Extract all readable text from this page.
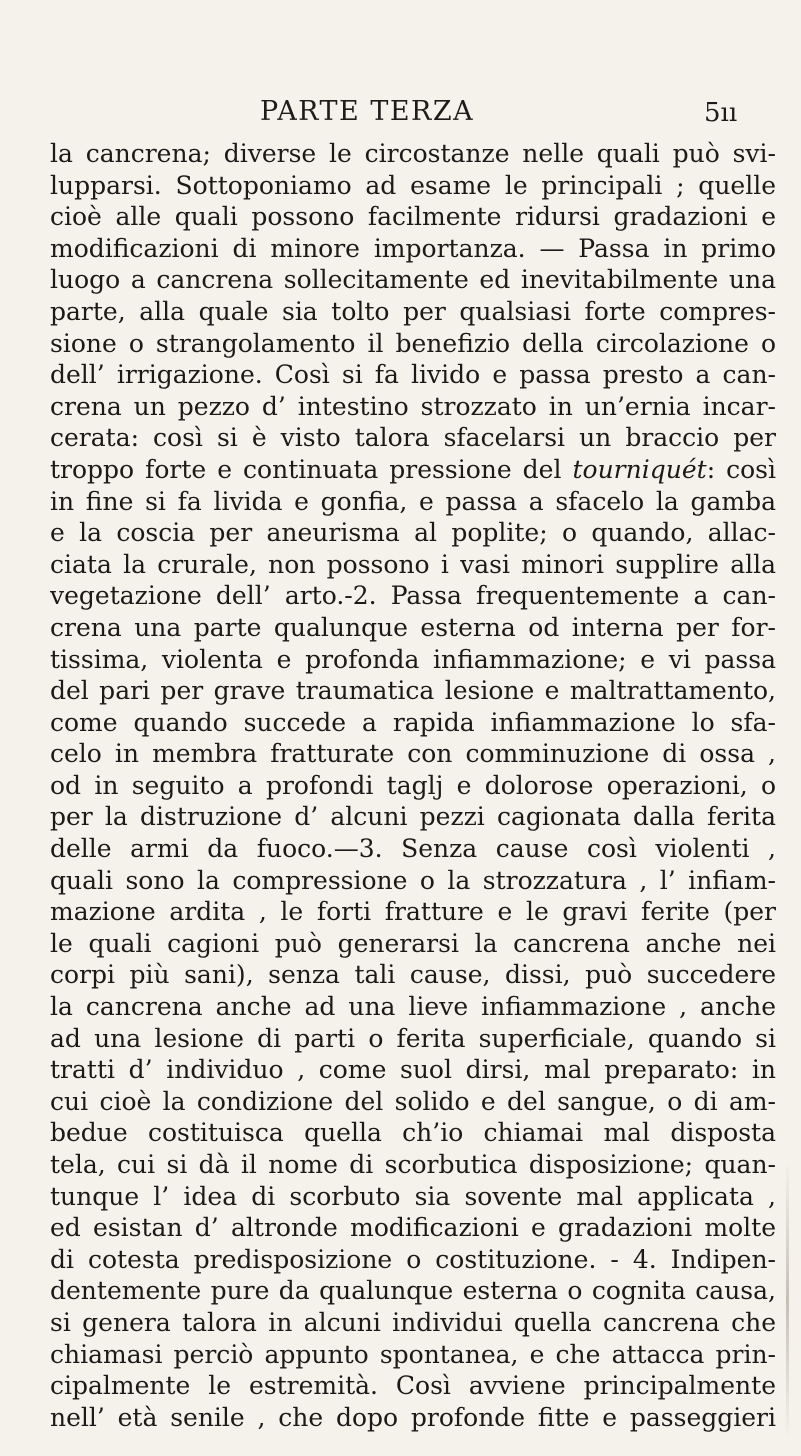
PARTE TERZA	5ıı
la cancrena; diverse le circostanze nelle quali può svi-
lupparsi. Sottoponiamo ad esame le principali ; quelle
cioè alle quali possono facilmente ridursi gradazioni e
modificazioni di minore importanza. — Passa in primo
luogo a cancrena sollecitamente ed inevitabilmente una
parte, alla quale sia tolto per qualsiasi forte compres-
sione o strangolamento il benefizio della circolazione o
dell’ irrigazione. Così si fa livido e passa presto a can-
crena un pezzo d’ intestino strozzato in un’ernia incar-
cerata: così si è visto talora sfacelarsi un braccio per
troppo forte e continuata pressione del tourniquét: così
in fine si fa livida e gonfia, e passa a sfacelo la gamba
e la coscia per aneurisma al poplite; o quando, allac-
ciata la crurale, non possono i vasi minori supplire alla
vegetazione dell’ arto.-2. Passa frequentemente a can-
crena una parte qualunque esterna od interna per for-
tissima, violenta e profonda infiammazione; e vi passa
del pari per grave traumatica lesione e maltrattamento,
come quando succede a rapida infiammazione lo sfa-
celo in membra fratturate con comminuzione di ossa ,
od in seguito a profondi taglj e dolorose operazioni, o
per la distruzione d’ alcuni pezzi cagionata dalla ferita
delle armi da fuoco.—3. Senza cause così violenti ,
quali sono la compressione o la strozzatura , l’ infiam-
mazione ardita , le forti fratture e le gravi ferite (per
le quali cagioni può generarsi la cancrena anche nei
corpi più sani), senza tali cause, dissi, può succedere
la cancrena anche ad una lieve infiammazione , anche
ad una lesione di parti o ferita superficiale, quando si
tratti d’ individuo , come suol dirsi, mal preparato: in
cui cioè la condizione del solido e del sangue, o di am-
bedue costituisca quella ch’io chiamai mal disposta
tela, cui si dà il nome di scorbutica disposizione; quan-
tunque l’ idea di scorbuto sia sovente mal applicata ,
ed esistan d’ altronde modificazioni e gradazioni molte
di cotesta predisposizione o costituzione. - 4. Indipen-
dentemente pure da qualunque esterna o cognita causa,
si genera talora in alcuni individui quella cancrena che
chiamasi perciò appunto spontanea, e che attacca prin-
cipalmente le estremità. Così avviene principalmente
nell’ età senile , che dopo profonde fitte e passeggieri
